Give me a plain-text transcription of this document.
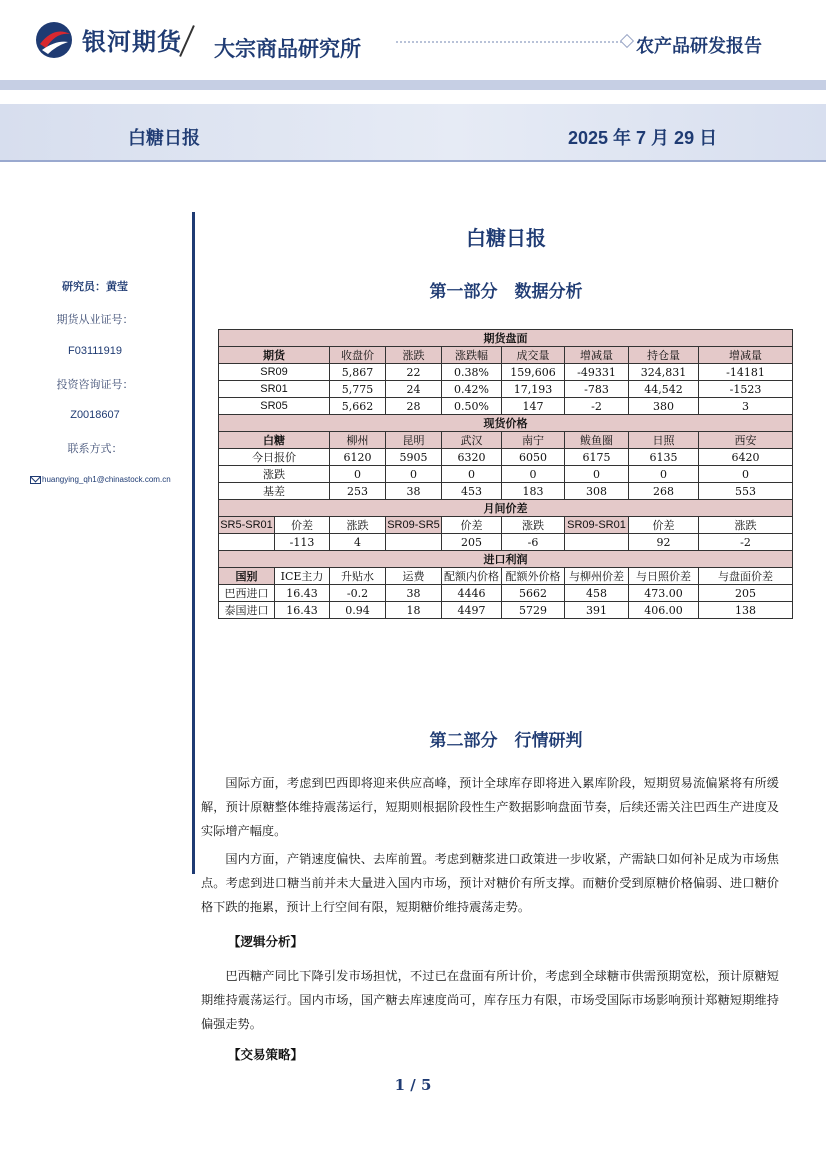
银河期货 大宗商品研究所	农产品研发报告
白糖日报	2025 年 7 月 29 日
研究员：黄莹
期货从业证号：
F03111919
投资咨询证号：
Z0018607
联系方式：
huangying_qh1@chinastock.com.cn
白糖日报
第一部分　数据分析
期货盘面								
期货		收盘价	涨跌	涨跌幅	成交量	增减量	持仓量	增减量
SR09		5,867	22	0.38%	159,606	-49331	324,831	-14181
SR01		5,775	24	0.42%	17,193	-783	44,542	-1523
SR05		5,662	28	0.50%	147	-2	380	3
现货价格								
白糖		柳州	昆明	武汉	南宁	鲅鱼圈	日照	西安
今日报价		6120	5905	6320	6050	6175	6135	6420
涨跌		0	0	0	0	0	0	0
基差		253	38	453	183	308	268	553
月间价差								
SR5-SR01	价差	涨跌	SR09-SR5	价差	涨跌	SR09-SR01	价差	涨跌
	-113	4		205	-6		92	-2
进口利润								
国别	ICE主力	升贴水	运费	配额内价格	配额外价格	与柳州价差	与日照价差	与盘面价差
巴西进口	16.43	-0.2	38	4446	5662	458	473.00	205
泰国进口	16.43	0.94	18	4497	5729	391	406.00	138
第二部分　行情研判

国际方面，考虑到巴西即将迎来供应高峰，预计全球库存即将进入累库阶段，短期贸易流偏紧将有所缓解，预计原糖整体维持震荡运行，短期则根据阶段性生产数据影响盘面节奏，后续还需关注巴西生产进度及实际增产幅度。

国内方面，产销速度偏快、去库前置。考虑到糖浆进口政策进一步收紧，产需缺口如何补足成为市场焦点。考虑到进口糖当前并未大量进入国内市场，预计对糖价有所支撑。而糖价受到原糖价格偏弱、进口糖价格下跌的拖累，预计上行空间有限，短期糖价维持震荡走势。

【逻辑分析】

巴西糖产同比下降引发市场担忧，不过已在盘面有所计价，考虑到全球糖市供需预期宽松，预计原糖短期维持震荡运行。国内市场，国产糖去库速度尚可，库存压力有限，市场受国际市场影响预计郑糖短期维持偏强走势。

【交易策略】
1 / 5
